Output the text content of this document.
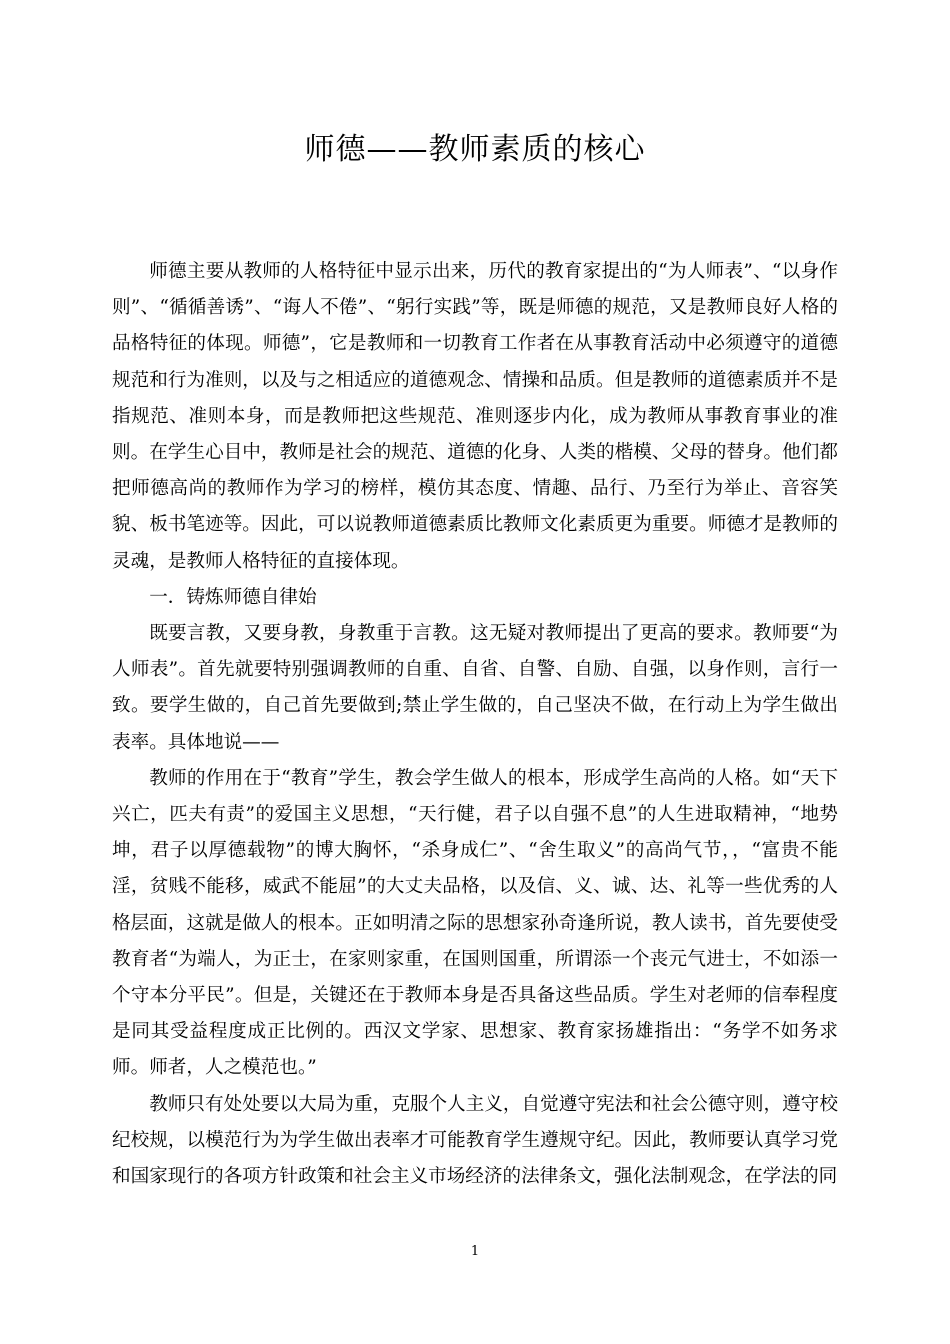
师德——教师素质的核心

师德主要从教师的人格特征中显示出来，历代的教育家提出的“为人师表”、“以身作则”、“循循善诱”、“诲人不倦”、“躬行实践”等，既是师德的规范，又是教师良好人格的品格特征的体现。师德”，它是教师和一切教育工作者在从事教育活动中必须遵守的道德规范和行为准则，以及与之相适应的道德观念、情操和品质。但是教师的道德素质并不是指规范、准则本身，而是教师把这些规范、准则逐步内化，成为教师从事教育事业的准则。在学生心目中，教师是社会的规范、道德的化身、人类的楷模、父母的替身。他们都把师德高尚的教师作为学习的榜样，模仿其态度、情趣、品行、乃至行为举止、音容笑貌、板书笔迹等。因此，可以说教师道德素质比教师文化素质更为重要。师德才是教师的灵魂，是教师人格特征的直接体现。

一．铸炼师德自律始

既要言教，又要身教，身教重于言教。这无疑对教师提出了更高的要求。教师要“为人师表”。首先就要特别强调教师的自重、自省、自警、自励、自强，以身作则，言行一致。要学生做的，自己首先要做到;禁止学生做的，自己坚决不做，在行动上为学生做出表率。具体地说——

教师的作用在于“教育”学生，教会学生做人的根本，形成学生高尚的人格。如“天下兴亡，匹夫有责”的爱国主义思想，“天行健，君子以自强不息”的人生进取精神，“地势坤，君子以厚德载物”的博大胸怀，“杀身成仁”、“舍生取义”的高尚气节，，“富贵不能淫，贫贱不能移，威武不能屈”的大丈夫品格，以及信、义、诚、达、礼等一些优秀的人格层面，这就是做人的根本。正如明清之际的思想家孙奇逢所说，教人读书，首先要使受教育者“为端人，为正士，在家则家重，在国则国重，所谓添一个丧元气进士，不如添一个守本分平民”。但是，关键还在于教师本身是否具备这些品质。学生对老师的信奉程度是同其受益程度成正比例的。西汉文学家、思想家、教育家扬雄指出：“务学不如务求师。师者，人之模范也。”

教师只有处处要以大局为重，克服个人主义，自觉遵守宪法和社会公德守则，遵守校纪校规，以模范行为为学生做出表率才可能教育学生遵规守纪。因此，教师要认真学习党和国家现行的各项方针政策和社会主义市场经济的法律条文，强化法制观念，在学法的同

1
